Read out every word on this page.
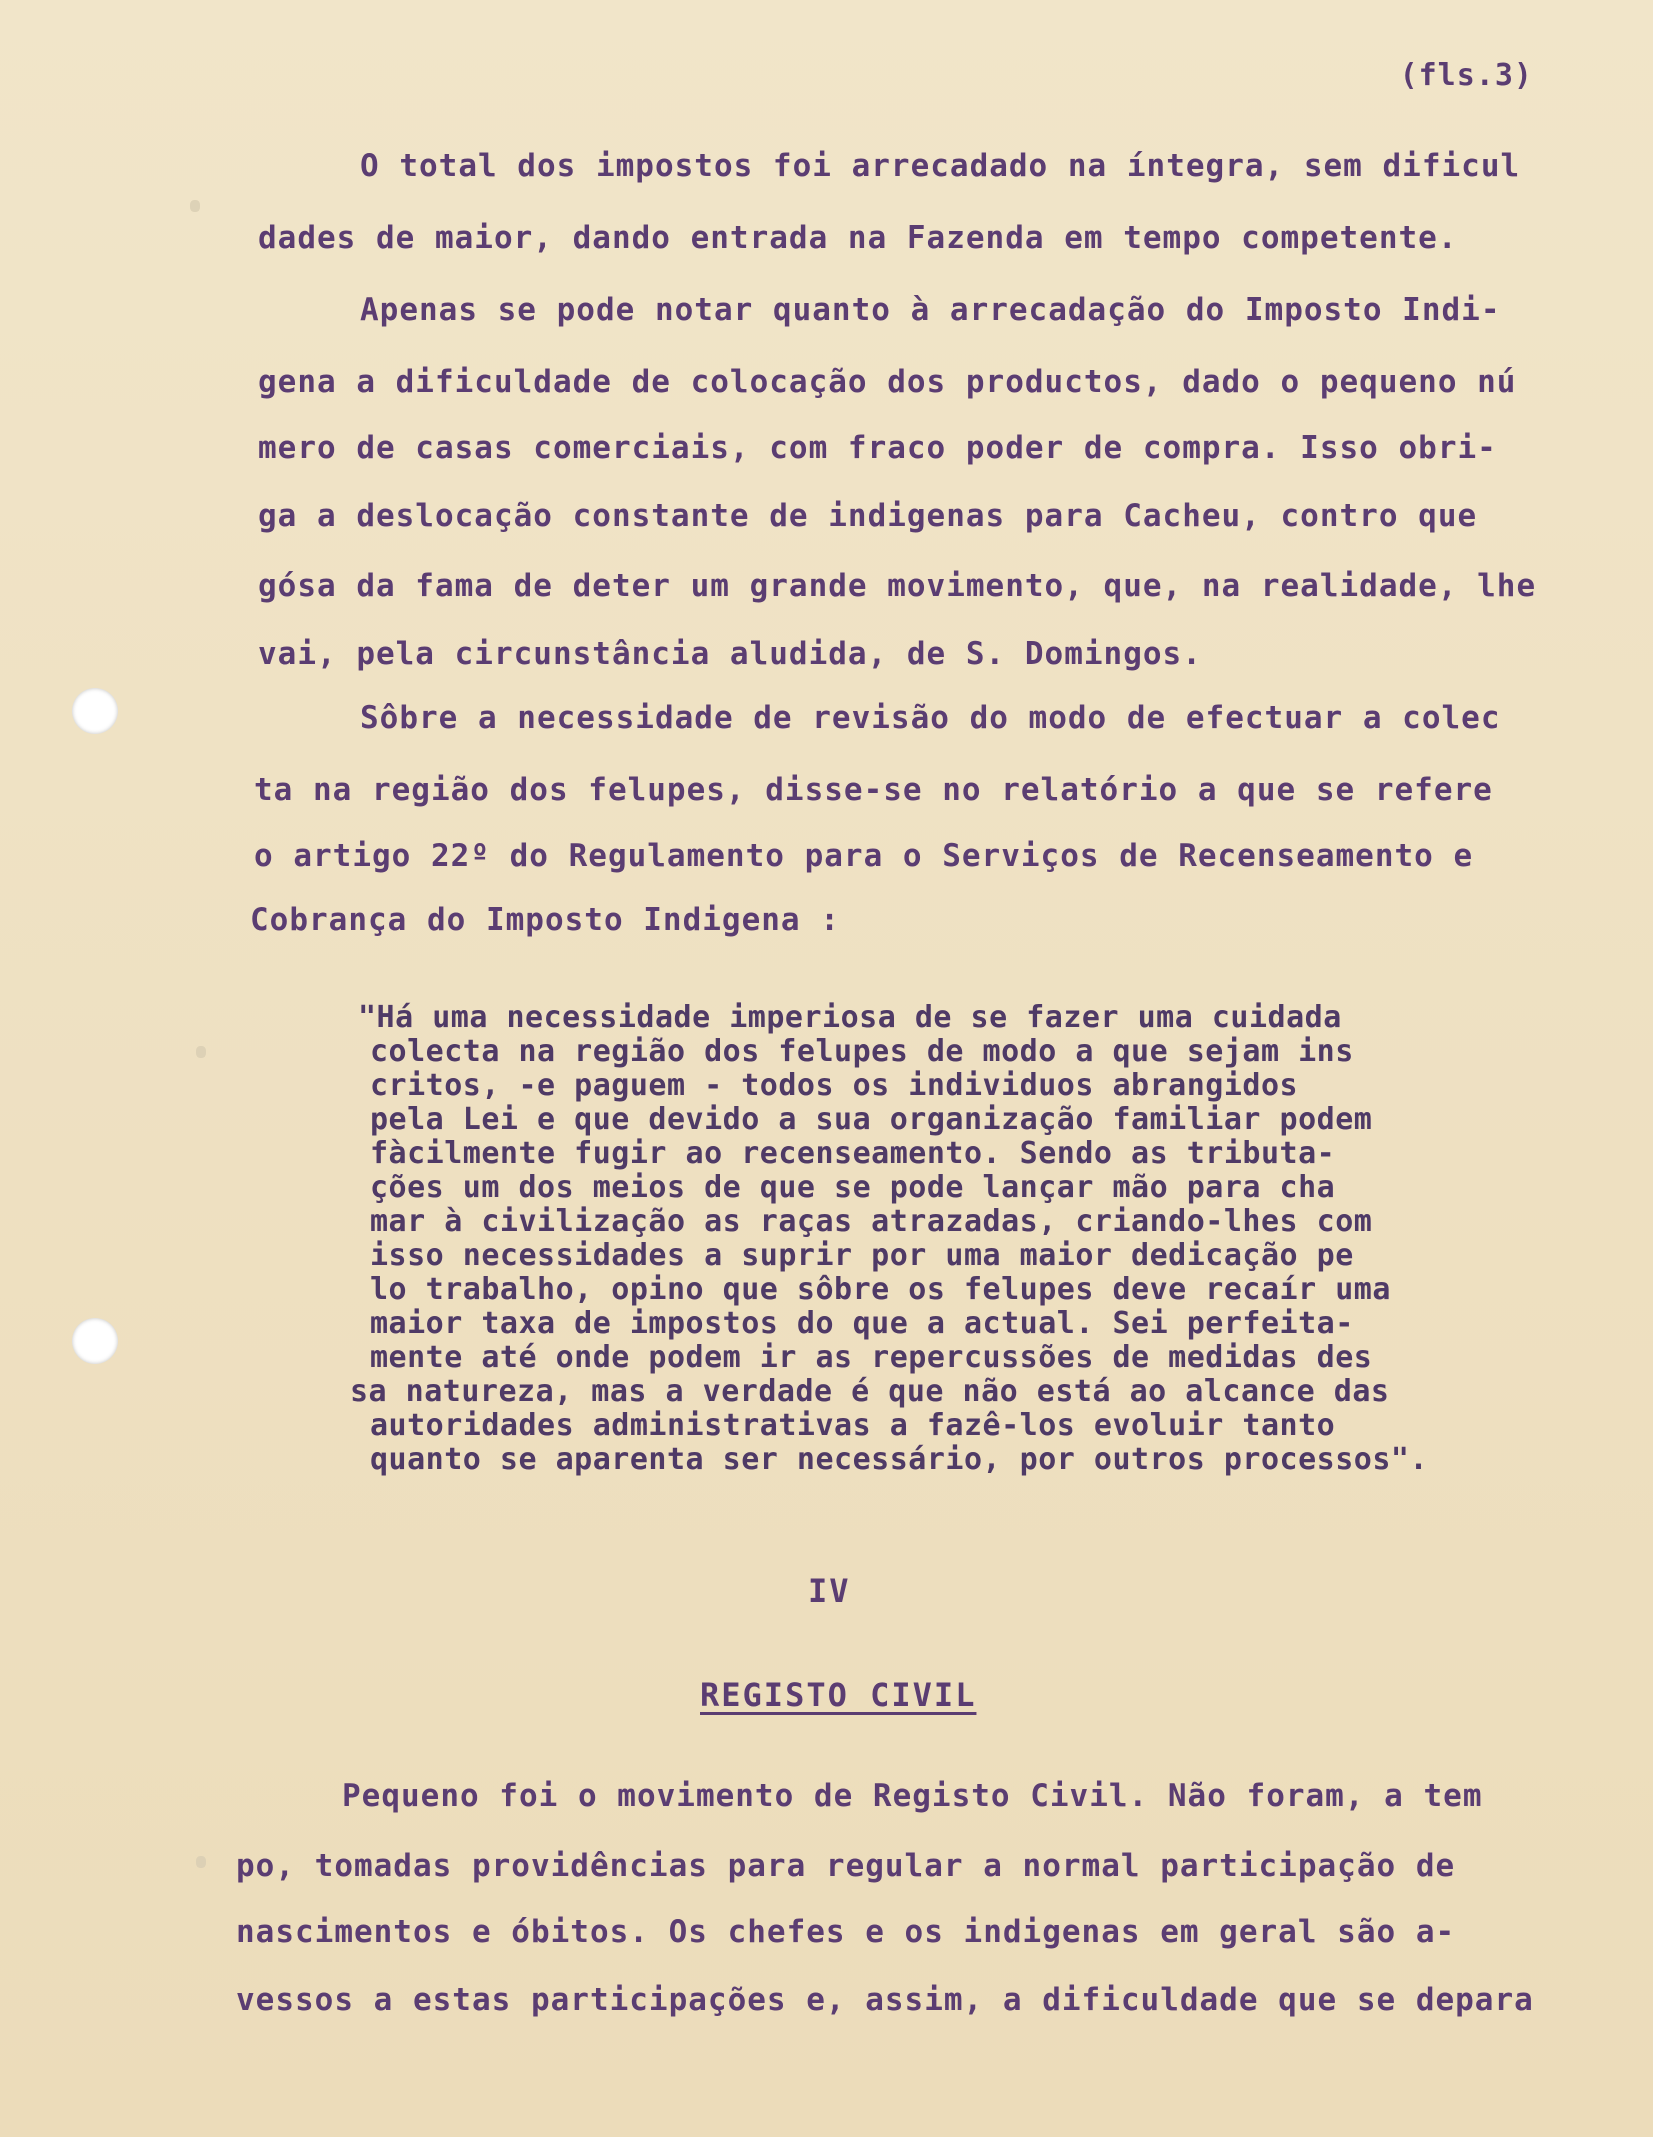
(fls.3)
O total dos impostos foi arrecadado na íntegra, sem dificul
dades de maior, dando entrada na Fazenda em tempo competente.
Apenas se pode notar quanto à arrecadação do Imposto Indi-
gena a dificuldade de colocação dos productos, dado o pequeno nú
mero de casas comerciais, com fraco poder de compra. Isso obri-
ga a deslocação constante de indigenas para Cacheu, contro que
gósa da fama de deter um grande movimento, que, na realidade, lhe
vai, pela circunstância aludida, de S. Domingos.
Sôbre a necessidade de revisão do modo de efectuar a colec
ta na região dos felupes, disse-se no relatório a que se refere
o artigo 22º do Regulamento para o Serviços de Recenseamento e
Cobrança do Imposto Indigena :
"Há uma necessidade imperiosa de se fazer uma cuidada
colecta na região dos felupes de modo a que sejam ins
critos, -e paguem - todos os individuos abrangidos
pela Lei e que devido a sua organização familiar podem
fàcilmente fugir ao recenseamento. Sendo as tributa-
ções um dos meios de que se pode lançar mão para cha
mar à civilização as raças atrazadas, criando-lhes com
isso necessidades a suprir por uma maior dedicação pe
lo trabalho, opino que sôbre os felupes deve recaír uma
maior taxa de impostos do que a actual. Sei perfeita-
mente até onde podem ir as repercussões de medidas des
sa natureza, mas a verdade é que não está ao alcance das
autoridades administrativas a fazê-los evoluir tanto
quanto se aparenta ser necessário, por outros processos".
IV
REGISTO CIVIL
Pequeno foi o movimento de Registo Civil. Não foram, a tem
po, tomadas providências para regular a normal participação de
nascimentos e óbitos. Os chefes e os indigenas em geral são a-
vessos a estas participações e, assim, a dificuldade que se depara
